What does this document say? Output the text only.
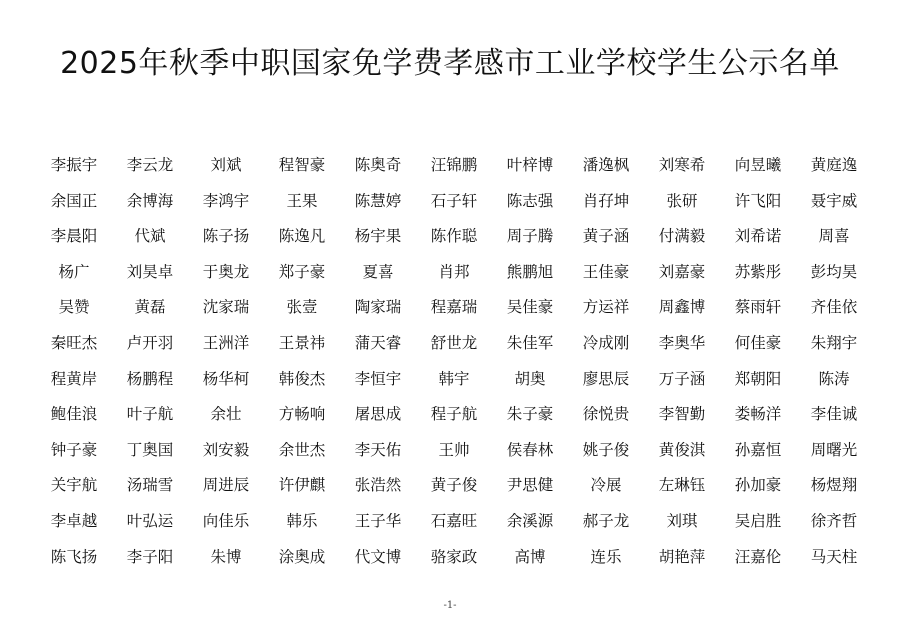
2025年秋季中职国家免学费孝感市工业学校学生公示名单
李振宇	李云龙	刘斌	程智豪	陈奥奇	汪锦鹏	叶梓博	潘逸枫	刘寒希	向昱曦	黄庭逸
余国正	余博海	李鸿宇	王果	陈慧婷	石子轩	陈志强	肖孖坤	张研	许飞阳	聂宇威
李晨阳	代斌	陈子扬	陈逸凡	杨宇果	陈作聪	周子腾	黄子涵	付满毅	刘希诺	周喜
杨广	刘昊卓	于奥龙	郑子豪	夏喜	肖邦	熊鹏旭	王佳豪	刘嘉豪	苏紫彤	彭均昊
吴赞	黄磊	沈家瑞	张壹	陶家瑞	程嘉瑞	吴佳豪	方运祥	周鑫博	蔡雨轩	齐佳依
秦旺杰	卢开羽	王洲洋	王景祎	蒲天睿	舒世龙	朱佳军	冷成刚	李奥华	何佳豪	朱翔宇
程黄岸	杨鹏程	杨华柯	韩俊杰	李恒宇	韩宇	胡奥	廖思辰	万子涵	郑朝阳	陈涛
鲍佳浪	叶子航	余壮	方畅响	屠思成	程子航	朱子豪	徐悦贵	李智勤	娄畅洋	李佳诚
钟子豪	丁奥国	刘安毅	余世杰	李天佑	王帅	侯春林	姚子俊	黄俊淇	孙嘉恒	周曙光
关宇航	汤瑞雪	周进辰	许伊麒	张浩然	黄子俊	尹思健	冷展	左琳钰	孙加豪	杨煜翔
李卓越	叶弘运	向佳乐	韩乐	王子华	石嘉旺	余溪源	郝子龙	刘琪	吴启胜	徐齐哲
陈飞扬	李子阳	朱博	涂奥成	代文博	骆家政	高博	连乐	胡艳萍	汪嘉伦	马天柱
-1-
